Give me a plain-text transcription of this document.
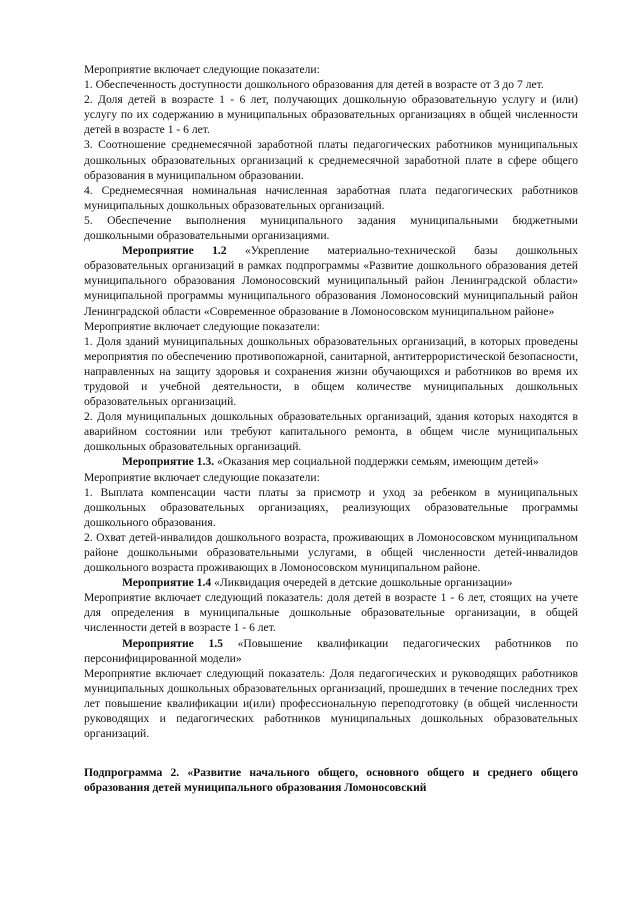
Мероприятие включает следующие показатели:

1. Обеспеченность доступности дошкольного образования для детей в возрасте от 3 до 7 лет.

2. Доля детей в возрасте 1 - 6 лет, получающих дошкольную образовательную услугу и (или) услугу по их содержанию в муниципальных образовательных организациях в общей численности детей в возрасте 1 - 6 лет.

3. Соотношение среднемесячной заработной платы педагогических работников муниципальных дошкольных образовательных организаций к среднемесячной заработной плате в сфере общего образования в муниципальном образовании.

4. Среднемесячная номинальная начисленная заработная плата педагогических работников муниципальных дошкольных образовательных организаций.

5. Обеспечение выполнения муниципального задания муниципальными бюджетными дошкольными образовательными организациями.

Мероприятие 1.2 «Укрепление материально-технической базы дошкольных образовательных организаций в рамках подпрограммы «Развитие дошкольного образования детей муниципального образования Ломоносовский муниципальный район Ленинградской области» муниципальной программы муниципального образования Ломоносовский муниципальный район Ленинградской области «Современное образование в Ломоносовском муниципальном районе»

Мероприятие включает следующие показатели:

1. Доля зданий муниципальных дошкольных образовательных организаций, в которых проведены мероприятия по обеспечению противопожарной, санитарной, антитеррористической безопасности, направленных на защиту здоровья и сохранения жизни обучающихся и работников во время их трудовой и учебной деятельности, в общем количестве муниципальных дошкольных образовательных организаций.

2. Доля муниципальных дошкольных образовательных организаций, здания которых находятся в аварийном состоянии или требуют капитального ремонта, в общем числе муниципальных дошкольных образовательных организаций.

Мероприятие 1.3. «Оказания мер социальной поддержки семьям, имеющим детей»

Мероприятие включает следующие показатели:

1. Выплата компенсации части платы за присмотр и уход за ребенком в муниципальных дошкольных образовательных организациях, реализующих образовательные программы дошкольного образования.

2. Охват детей-инвалидов дошкольного возраста, проживающих в Ломоносовском муниципальном районе дошкольными образовательными услугами, в общей численности детей-инвалидов дошкольного возраста проживающих в Ломоносовском муниципальном районе.

Мероприятие 1.4 «Ликвидация очередей в детские дошкольные организации»

Мероприятие включает следующий показатель: доля детей в возрасте 1 - 6 лет, стоящих на учете для определения в муниципальные дошкольные образовательные организации, в общей численности детей в возрасте 1 - 6 лет.

Мероприятие 1.5 «Повышение квалификации педагогических работников по персонифицированной модели»

Мероприятие включает следующий показатель: Доля педагогических и руководящих работников муниципальных дошкольных образовательных организаций, прошедших в течение последних трех лет повышение квалификации и(или) профессиональную переподготовку (в общей численности руководящих и педагогических работников муниципальных дошкольных образовательных организаций.

Подпрограмма 2. «Развитие начального общего, основного общего и среднего общего образования детей муниципального образования Ломоносовский
